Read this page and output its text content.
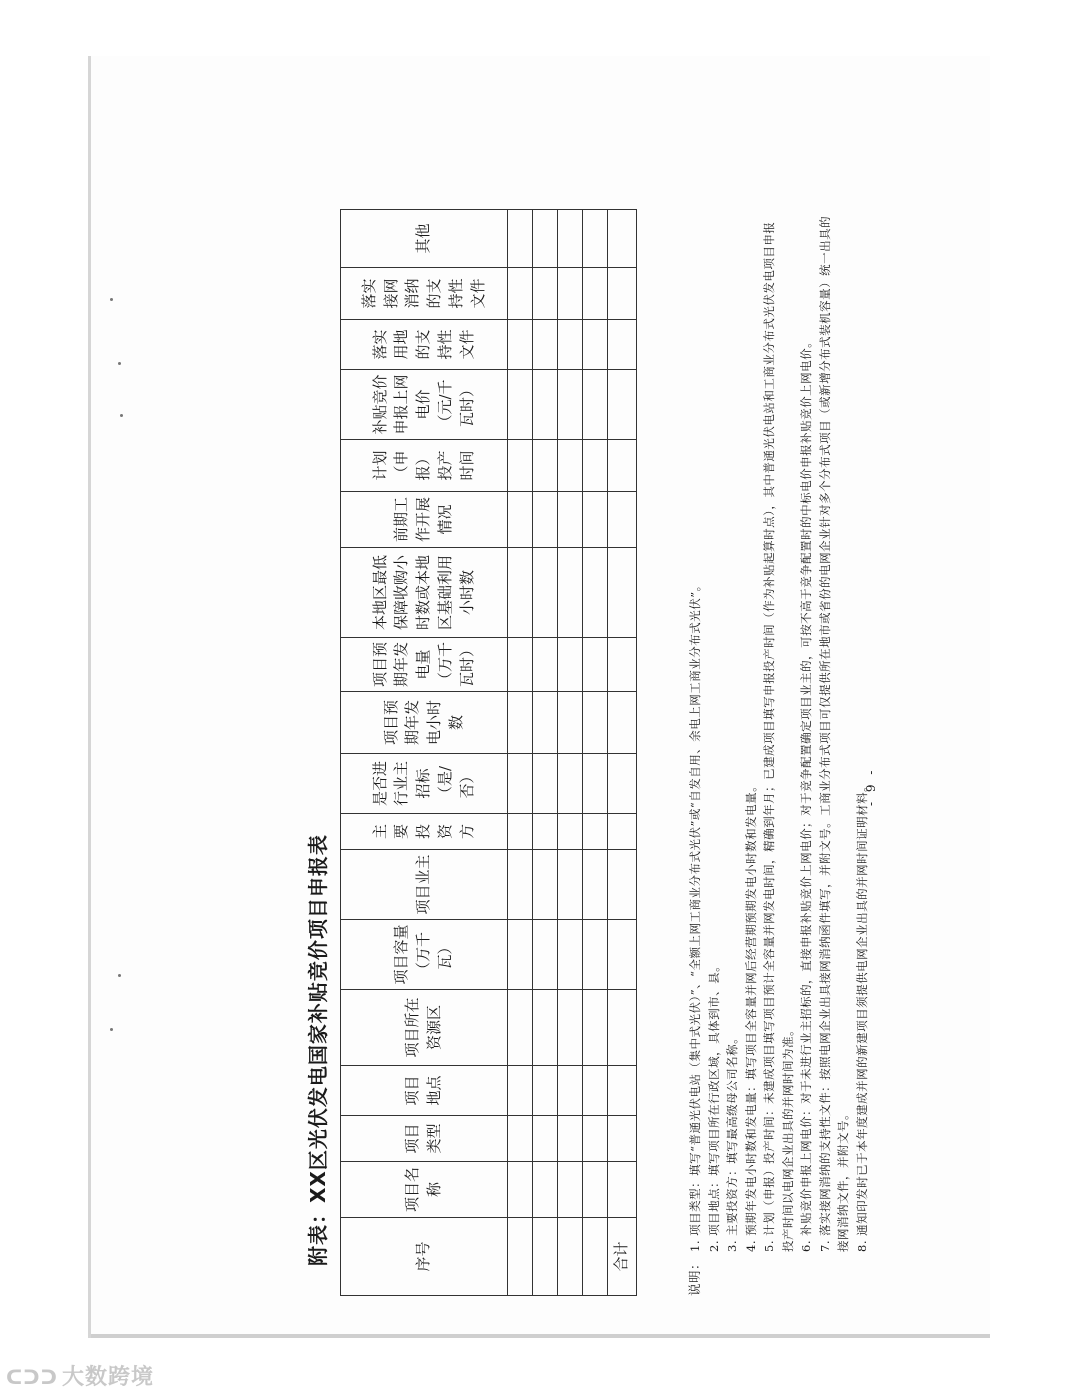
附表：XX区光伏发电国家补贴竞价项目申报表	序号	项目名称	项目类型	项目地点	项目所在资源区	项目容量（万千瓦）	项目业主	主要投资方	是否进行业主招标（是/否）	项目预期年发电小时数	项目预期年发电量（万千瓦时）	本地区最低保障收购小时数或本地区基础利用小时数	前期工作开展情况	计划（申报）投产时间	补贴竞价申报上网电价（元/千瓦时）	落实用地的支持性文件	落实接网消纳的支持性文件	其他

合计																	
说明：
1. 项目类型：填写“普通光伏电站（集中式光伏）”、“全额上网工商业分布式光伏”或“自发自用、余电上网工商业分布式光伏”。 2. 项目地点：填写项目所在行政区域，具体到市、县。 3. 主要投资方：填写最高级母公司名称。 4. 预期年发电小时数和发电量：填写项目全容量并网后经营期预期发电小时数和发电量。 5. 计划（申报）投产时间：未建成项目填写项目预计全容量并网发电时间，精确到年月；已建成项目填写申报投产时间（作为补贴起算时点），其中普通光伏电站和工商业分布式光伏发电项目申报投产时间以电网企业出具的并网时间为准。 6. 补贴竞价申报上网电价：对于未进行业主招标的，直接申报补贴竞价上网电价；对于竞争配置确定项目业主的，可按不高于竞争配置时的中标电价申报补贴竞价上网电价。 7. 落实接网消纳的支持性文件：按照电网企业出具接网消纳函件填写，并附文号。工商业分布式项目可仅提供所在地市或省份的电网企业针对多个分布式项目（或新增分布式装机容量）统一出具的接网消纳文件，并附文号。 8. 通知印发时已于本年度建成并网的新建项目须提供电网企业出具的并网时间证明材料。
- 9 -
ᑕᑐᑐ 大数跨境
